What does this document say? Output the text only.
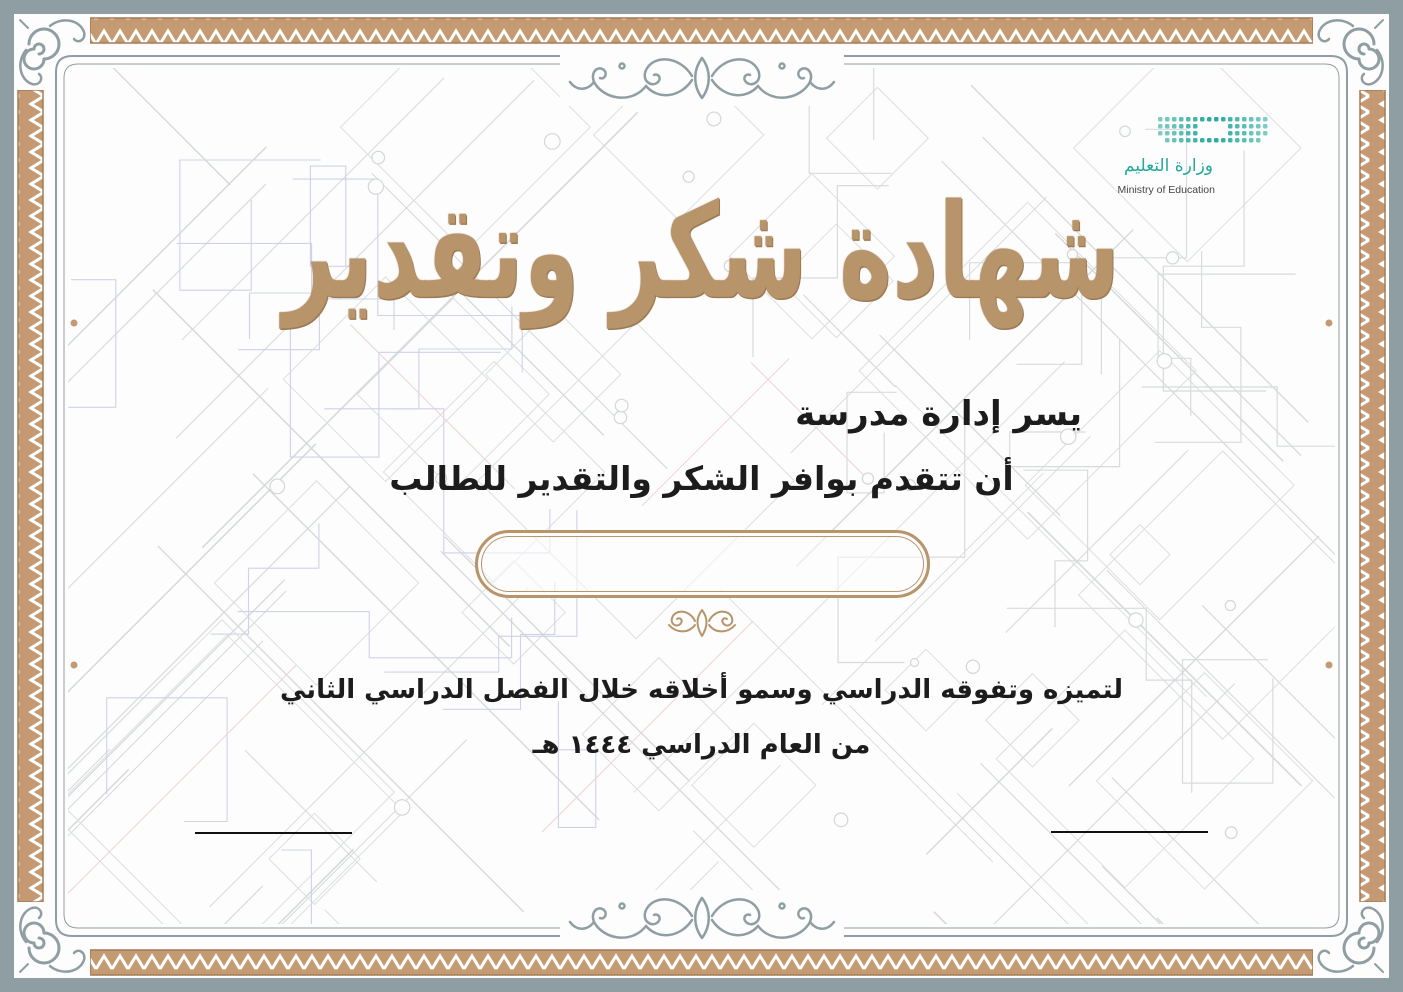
وزارة التعليم
Ministry of Education
شهادة شكر وتقدير
يسر إدارة مدرسة
أن تتقدم بوافر الشكر والتقدير للطالب
لتميزه وتفوقه الدراسي وسمو أخلاقه خلال الفصل الدراسي الثاني
من العام الدراسي ١٤٤٤ هـ
